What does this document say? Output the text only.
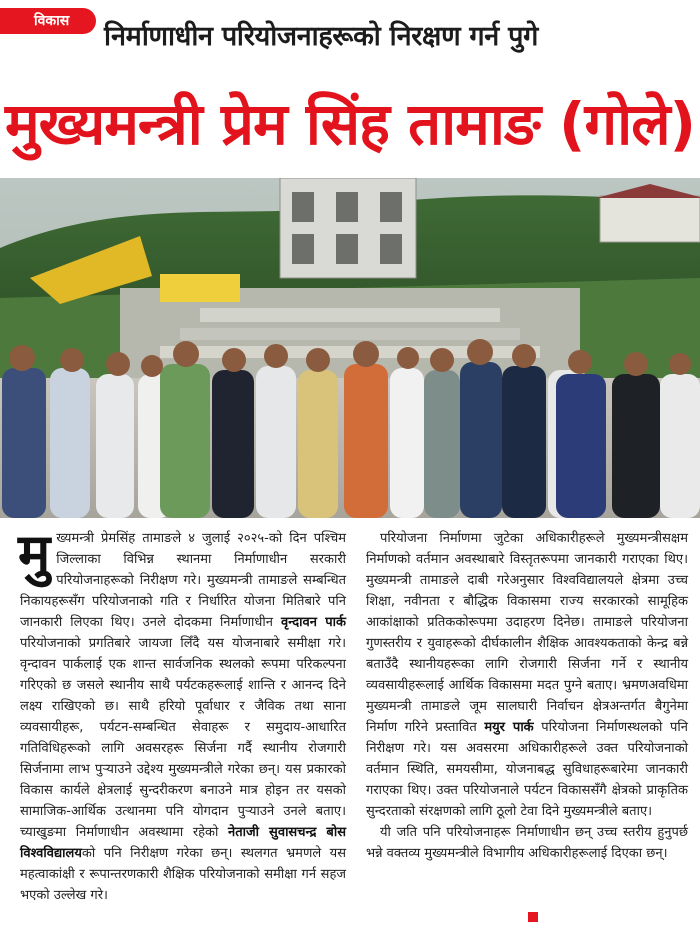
विकास	निर्माणाधीन परियोजनाहरूको निरक्षण गर्न पुगे
मुख्यमन्त्री प्रेम सिंह तामाङ (गोले)
मुख्यमन्त्री प्रेमसिंह तामाङले ४ जुलाई २०२५-को दिन पश्चिम जिल्लाका विभिन्न स्थानमा निर्माणाधीन सरकारी परियोजनाहरूको निरीक्षण गरे। मुख्यमन्त्री तामाङले सम्बन्धित निकायहरूसँग परियोजनाको गति र निर्धारित योजना मितिबारे पनि जानकारी लिएका थिए। उनले दोदकमा निर्माणाधीन वृन्दावन पार्क परियोजनाको प्रगतिबारे जायजा लिँदै यस योजनाबारे समीक्षा गरे। वृन्दावन पार्कलाई एक शान्त सार्वजनिक स्थलको रूपमा परिकल्पना गरिएको छ जसले स्थानीय साथै पर्यटकहरूलाई शान्ति र आनन्द दिने लक्ष्य राखिएको छ। साथै हरियो पूर्वाधार र जैविक तथा साना व्यवसायीहरू, पर्यटन-सम्बन्धित सेवाहरू र समुदाय-आधारित गतिविधिहरूको लागि अवसरहरू सिर्जना गर्दै स्थानीय रोजगारी सिर्जनामा लाभ पुर्‍याउने उद्देश्य मुख्यमन्त्रीले गरेका छन्। यस प्रकारको विकास कार्यले क्षेत्रलाई सुन्दरीकरण बनाउने मात्र होइन तर यसको सामाजिक-आर्थिक उत्थानमा पनि योगदान पुर्‍याउने उनले बताए। च्याखुङमा निर्माणाधीन अवस्थामा रहेको नेताजी सुवासचन्द्र बोस विश्वविद्यालयको पनि निरीक्षण गरेका छन्। स्थलगत भ्रमणले यस महत्वाकांक्षी र रूपान्तरणकारी शैक्षिक परियोजनाको समीक्षा गर्न सहज भएको उल्लेख गरे।
परियोजना निर्माणमा जुटेका अधिकारीहरूले मुख्यमन्त्रीसक्षम निर्माणको वर्तमान अवस्थाबारे विस्तृतरूपमा जानकारी गराएका थिए। मुख्यमन्त्री तामाङले दाबी गरेअनुसार विश्वविद्यालयले क्षेत्रमा उच्च शिक्षा, नवीनता र बौद्धिक विकासमा राज्य सरकारको सामूहिक आकांक्षाको प्रतिककोरूपमा उदाहरण दिनेछ। तामाङले परियोजना गुणस्तरीय र युवाहरूको दीर्घकालीन शैक्षिक आवश्यकताको केन्द्र बन्ने बताउँदै स्थानीयहरूका लागि रोजगारी सिर्जना गर्ने र स्थानीय व्यवसायीहरूलाई आर्थिक विकासमा मदत पुग्ने बताए। भ्रमणअवधिमा मुख्यमन्त्री तामाङले जूम सालघारी निर्वाचन क्षेत्रअन्तर्गत बैगुनेमा निर्माण गरिने प्रस्तावित मयुर पार्क परियोजना निर्माणस्थलको पनि निरीक्षण गरे। यस अवसरमा अधिकारीहरूले उक्त परियोजनाको वर्तमान स्थिति, समयसीमा, योजनाबद्ध सुविधाहरूबारेमा जानकारी गराएका थिए। उक्त परियोजनाले पर्यटन विकाससँगै क्षेत्रको प्राकृतिक सुन्दरताको संरक्षणको लागि ठूलो टेवा दिने मुख्यमन्त्रीले बताए।
यी जति पनि परियोजनाहरू निर्माणाधीन छन् उच्च स्तरीय हुनुपर्छ भन्ने वक्तव्य मुख्यमन्त्रीले विभागीय अधिकारीहरूलाई दिएका छन्।
